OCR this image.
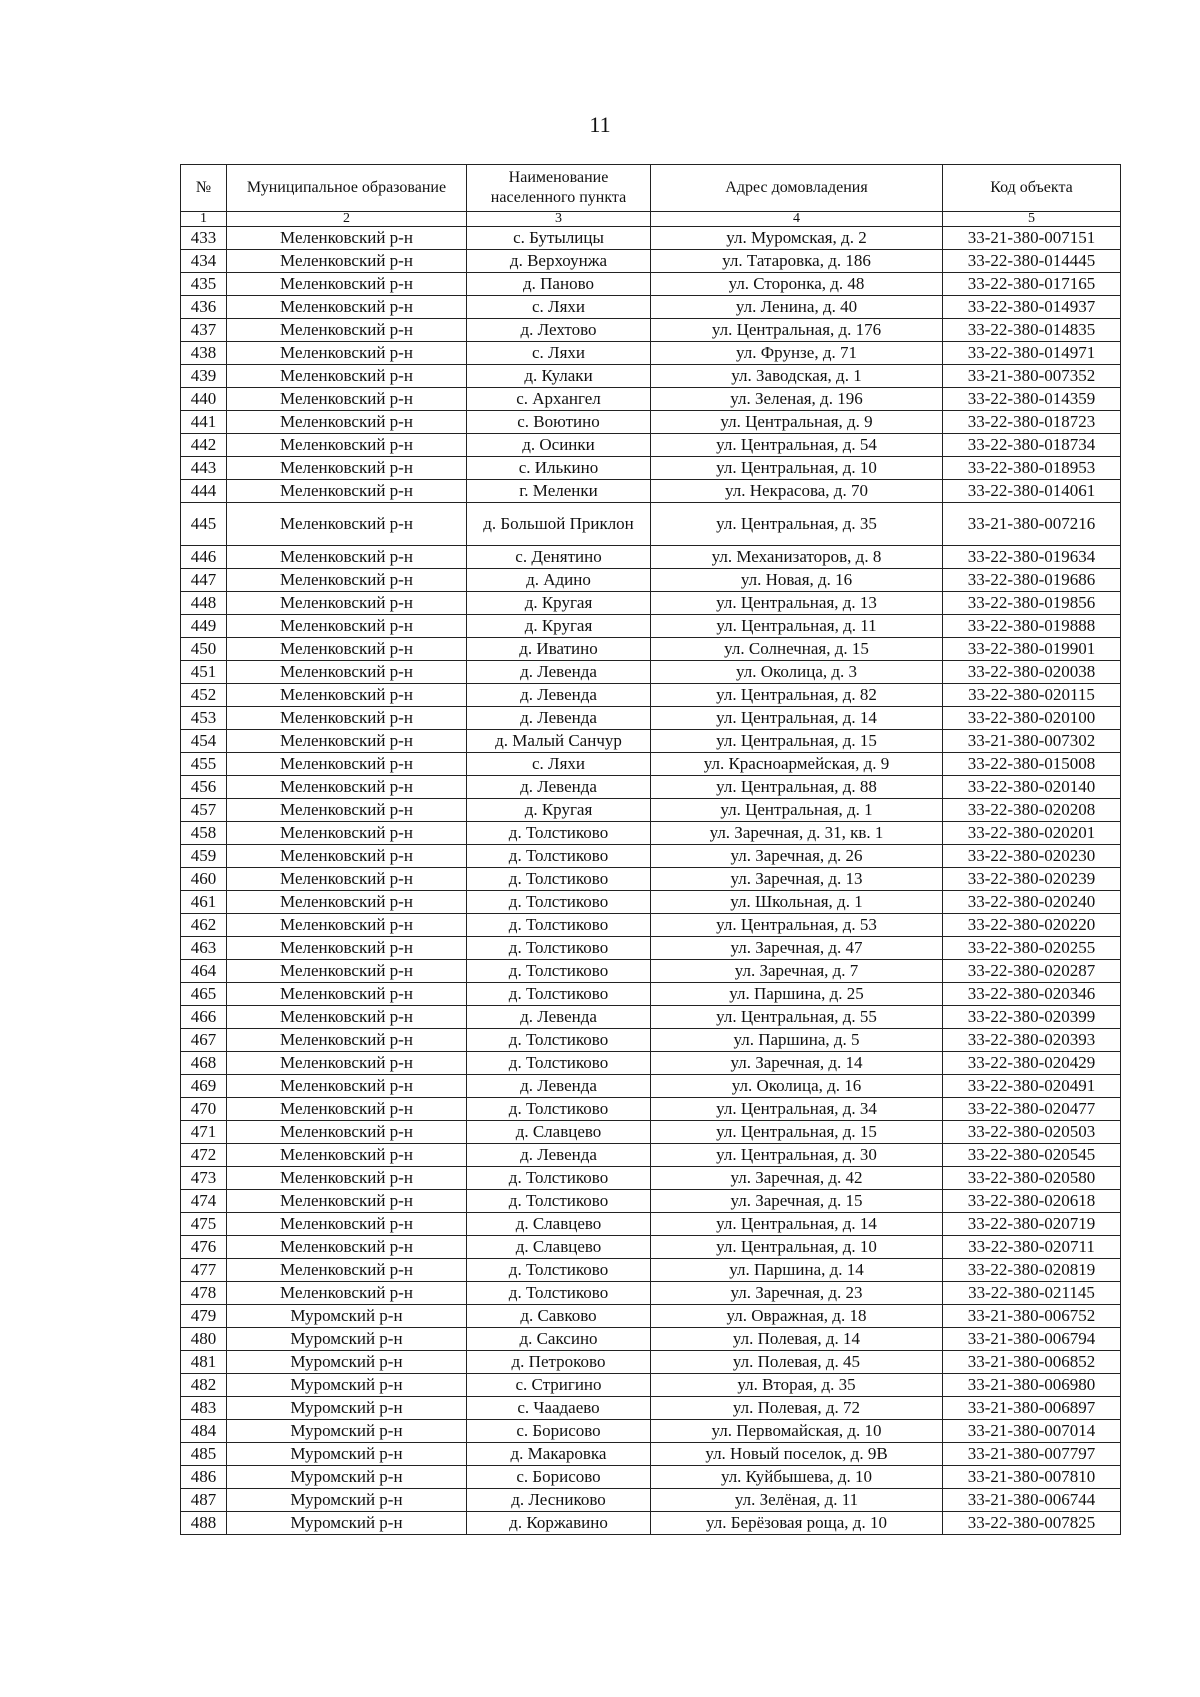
11
№	Муниципальное образование	Наименование населенного пункта	Адрес домовладения	Код объекта
1	2	3	4	5
433	Меленковский р-н	с. Бутылицы	ул. Муромская, д. 2	33-21-380-007151
434	Меленковский р-н	д. Верхоунжа	ул. Татаровка, д. 186	33-22-380-014445
435	Меленковский р-н	д. Паново	ул. Сторонка, д. 48	33-22-380-017165
436	Меленковский р-н	с. Ляхи	ул. Ленина, д. 40	33-22-380-014937
437	Меленковский р-н	д. Лехтово	ул. Центральная, д. 176	33-22-380-014835
438	Меленковский р-н	с. Ляхи	ул. Фрунзе, д. 71	33-22-380-014971
439	Меленковский р-н	д. Кулаки	ул. Заводская, д. 1	33-21-380-007352
440	Меленковский р-н	с. Архангел	ул. Зеленая, д. 196	33-22-380-014359
441	Меленковский р-н	с. Воютино	ул. Центральная, д. 9	33-22-380-018723
442	Меленковский р-н	д. Осинки	ул. Центральная, д. 54	33-22-380-018734
443	Меленковский р-н	с. Илькино	ул. Центральная, д. 10	33-22-380-018953
444	Меленковский р-н	г. Меленки	ул. Некрасова, д. 70	33-22-380-014061
445	Меленковский р-н	д. Большой Приклон	ул. Центральная, д. 35	33-21-380-007216
446	Меленковский р-н	с. Денятино	ул. Механизаторов, д. 8	33-22-380-019634
447	Меленковский р-н	д. Адино	ул. Новая, д. 16	33-22-380-019686
448	Меленковский р-н	д. Кругая	ул. Центральная, д. 13	33-22-380-019856
449	Меленковский р-н	д. Кругая	ул. Центральная, д. 11	33-22-380-019888
450	Меленковский р-н	д. Иватино	ул. Солнечная, д. 15	33-22-380-019901
451	Меленковский р-н	д. Левенда	ул. Околица, д. 3	33-22-380-020038
452	Меленковский р-н	д. Левенда	ул. Центральная, д. 82	33-22-380-020115
453	Меленковский р-н	д. Левенда	ул. Центральная, д. 14	33-22-380-020100
454	Меленковский р-н	д. Малый Санчур	ул. Центральная, д. 15	33-21-380-007302
455	Меленковский р-н	с. Ляхи	ул. Красноармейская, д. 9	33-22-380-015008
456	Меленковский р-н	д. Левенда	ул. Центральная, д. 88	33-22-380-020140
457	Меленковский р-н	д. Кругая	ул. Центральная, д. 1	33-22-380-020208
458	Меленковский р-н	д. Толстиково	ул. Заречная, д. 31, кв. 1	33-22-380-020201
459	Меленковский р-н	д. Толстиково	ул. Заречная, д. 26	33-22-380-020230
460	Меленковский р-н	д. Толстиково	ул. Заречная, д. 13	33-22-380-020239
461	Меленковский р-н	д. Толстиково	ул. Школьная, д. 1	33-22-380-020240
462	Меленковский р-н	д. Толстиково	ул. Центральная, д. 53	33-22-380-020220
463	Меленковский р-н	д. Толстиково	ул. Заречная, д. 47	33-22-380-020255
464	Меленковский р-н	д. Толстиково	ул. Заречная, д. 7	33-22-380-020287
465	Меленковский р-н	д. Толстиково	ул. Паршина, д. 25	33-22-380-020346
466	Меленковский р-н	д. Левенда	ул. Центральная, д. 55	33-22-380-020399
467	Меленковский р-н	д. Толстиково	ул. Паршина, д. 5	33-22-380-020393
468	Меленковский р-н	д. Толстиково	ул. Заречная, д. 14	33-22-380-020429
469	Меленковский р-н	д. Левенда	ул. Околица, д. 16	33-22-380-020491
470	Меленковский р-н	д. Толстиково	ул. Центральная, д. 34	33-22-380-020477
471	Меленковский р-н	д. Славцево	ул. Центральная, д. 15	33-22-380-020503
472	Меленковский р-н	д. Левенда	ул. Центральная, д. 30	33-22-380-020545
473	Меленковский р-н	д. Толстиково	ул. Заречная, д. 42	33-22-380-020580
474	Меленковский р-н	д. Толстиково	ул. Заречная, д. 15	33-22-380-020618
475	Меленковский р-н	д. Славцево	ул. Центральная, д. 14	33-22-380-020719
476	Меленковский р-н	д. Славцево	ул. Центральная, д. 10	33-22-380-020711
477	Меленковский р-н	д. Толстиково	ул. Паршина, д. 14	33-22-380-020819
478	Меленковский р-н	д. Толстиково	ул. Заречная, д. 23	33-22-380-021145
479	Муромский р-н	д. Савково	ул. Овражная, д. 18	33-21-380-006752
480	Муромский р-н	д. Саксино	ул. Полевая, д. 14	33-21-380-006794
481	Муромский р-н	д. Петроково	ул. Полевая, д. 45	33-21-380-006852
482	Муромский р-н	с. Стригино	ул. Вторая, д. 35	33-21-380-006980
483	Муромский р-н	с. Чаадаево	ул. Полевая, д. 72	33-21-380-006897
484	Муромский р-н	с. Борисово	ул. Первомайская, д. 10	33-21-380-007014
485	Муромский р-н	д. Макаровка	ул. Новый поселок, д. 9В	33-21-380-007797
486	Муромский р-н	с. Борисово	ул. Куйбышева, д. 10	33-21-380-007810
487	Муромский р-н	д. Лесниково	ул. Зелёная, д. 11	33-21-380-006744
488	Муромский р-н	д. Коржавино	ул. Берёзовая роща, д. 10	33-22-380-007825
